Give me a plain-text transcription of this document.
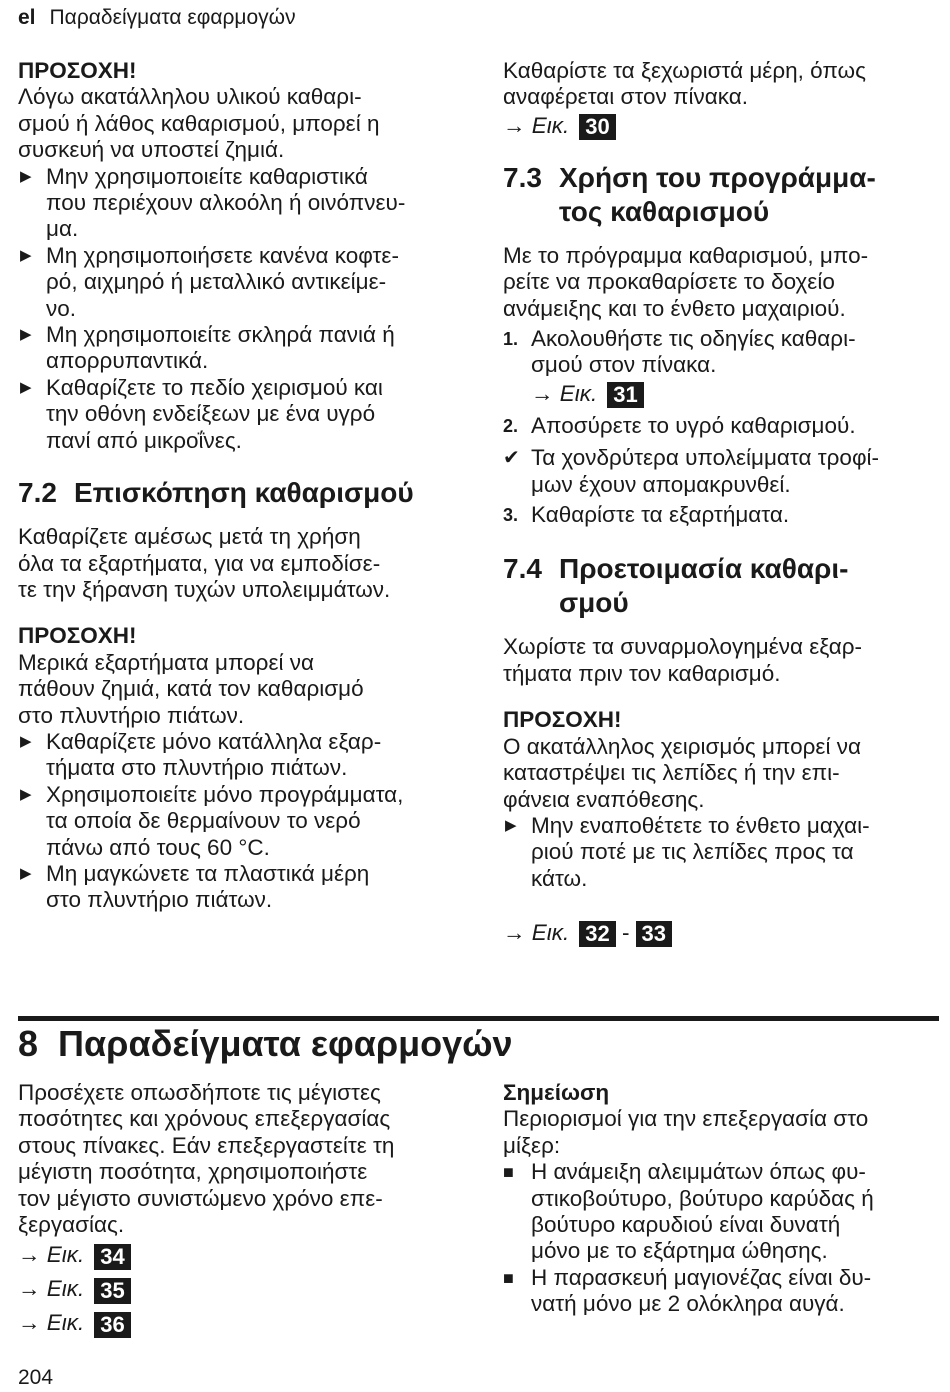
el Παραδείγματα εφαρμογών

ΠΡΟΣΟΧΗ!

Λόγω ακατάλληλου υλικού καθαρι-

σμού ή λάθος καθαρισμού, μπορεί η

συσκευή να υποστεί ζημιά.

▶ Μην χρησιμοποιείτε καθαριστικά
που περιέχουν αλκοόλη ή οινόπνευ-
μα.
▶ Μη χρησιμοποιήσετε κανένα κοφτε-
ρό, αιχμηρό ή μεταλλικό αντικείμε-
νο.
▶ Μη χρησιμοποιείτε σκληρά πανιά ή
απορρυπαντικά.
▶ Καθαρίζετε το πεδίο χειρισμού και
την οθόνη ενδείξεων με ένα υγρό
πανί από μικροΐνες.
7.2 Επισκόπηση καθαρισμού

Καθαρίζετε αμέσως μετά τη χρήση

όλα τα εξαρτήματα, για να εμποδίσε-

τε την ξήρανση τυχών υπολειμμάτων.

ΠΡΟΣΟΧΗ!

Μερικά εξαρτήματα μπορεί να

πάθουν ζημιά, κατά τον καθαρισμό

στο πλυντήριο πιάτων.

▶ Καθαρίζετε μόνο κατάλληλα εξαρ-
τήματα στο πλυντήριο πιάτων.
▶ Χρησιμοποιείτε μόνο προγράμματα,
τα οποία δε θερμαίνουν το νερό
πάνω από τους 60 °C.
▶ Μη μαγκώνετε τα πλαστικά μέρη
στο πλυντήριο πιάτων.

Καθαρίστε τα ξεχωριστά μέρη, όπως

αναφέρεται στον πίνακα.

→ Εικ. 30
7.3 Χρήση του προγράμμα-
τος καθαρισμού

Με το πρόγραμμα καθαρισμού, μπο-

ρείτε να προκαθαρίσετε το δοχείο

ανάμειξης και το ένθετο μαχαιριού.

1. Ακολουθήστε τις οδηγίες καθαρι-
σμού στον πίνακα.
→ Εικ. 31
2. Αποσύρετε το υγρό καθαρισμού.
✔ Τα χονδρύτερα υπολείμματα τροφί-
μων έχουν απομακρυνθεί.
3. Καθαρίστε τα εξαρτήματα.
7.4 Προετοιμασία καθαρι-
σμού

Χωρίστε τα συναρμολογημένα εξαρ-

τήματα πριν τον καθαρισμό.

ΠΡΟΣΟΧΗ!

Ο ακατάλληλος χειρισμός μπορεί να

καταστρέψει τις λεπίδες ή την επι-

φάνεια εναπόθεσης.

▶ Μην εναποθέτετε το ένθετο μαχαι-
ριού ποτέ με τις λεπίδες προς τα
κάτω.
→ Εικ. 32 - 33
8 Παραδείγματα εφαρμογών

Προσέχετε οπωσδήποτε τις μέγιστες

ποσότητες και χρόνους επεξεργασίας

στους πίνακες. Εάν επεξεργαστείτε τη

μέγιστη ποσότητα, χρησιμοποιήστε

τον μέγιστο συνιστώμενο χρόνο επε-

ξεργασίας.

→ Εικ. 34
→ Εικ. 35
→ Εικ. 36

Σημείωση

Περιορισμοί για την επεξεργασία στο

μίξερ:

■ Η ανάμειξη αλειμμάτων όπως φυ-
στικοβούτυρο, βούτυρο καρύδας ή
βούτυρο καρυδιού είναι δυνατή
μόνο με το εξάρτημα ώθησης.
■ Η παρασκευή μαγιονέζας είναι δυ-
νατή μόνο με 2 ολόκληρα αυγά.
204
